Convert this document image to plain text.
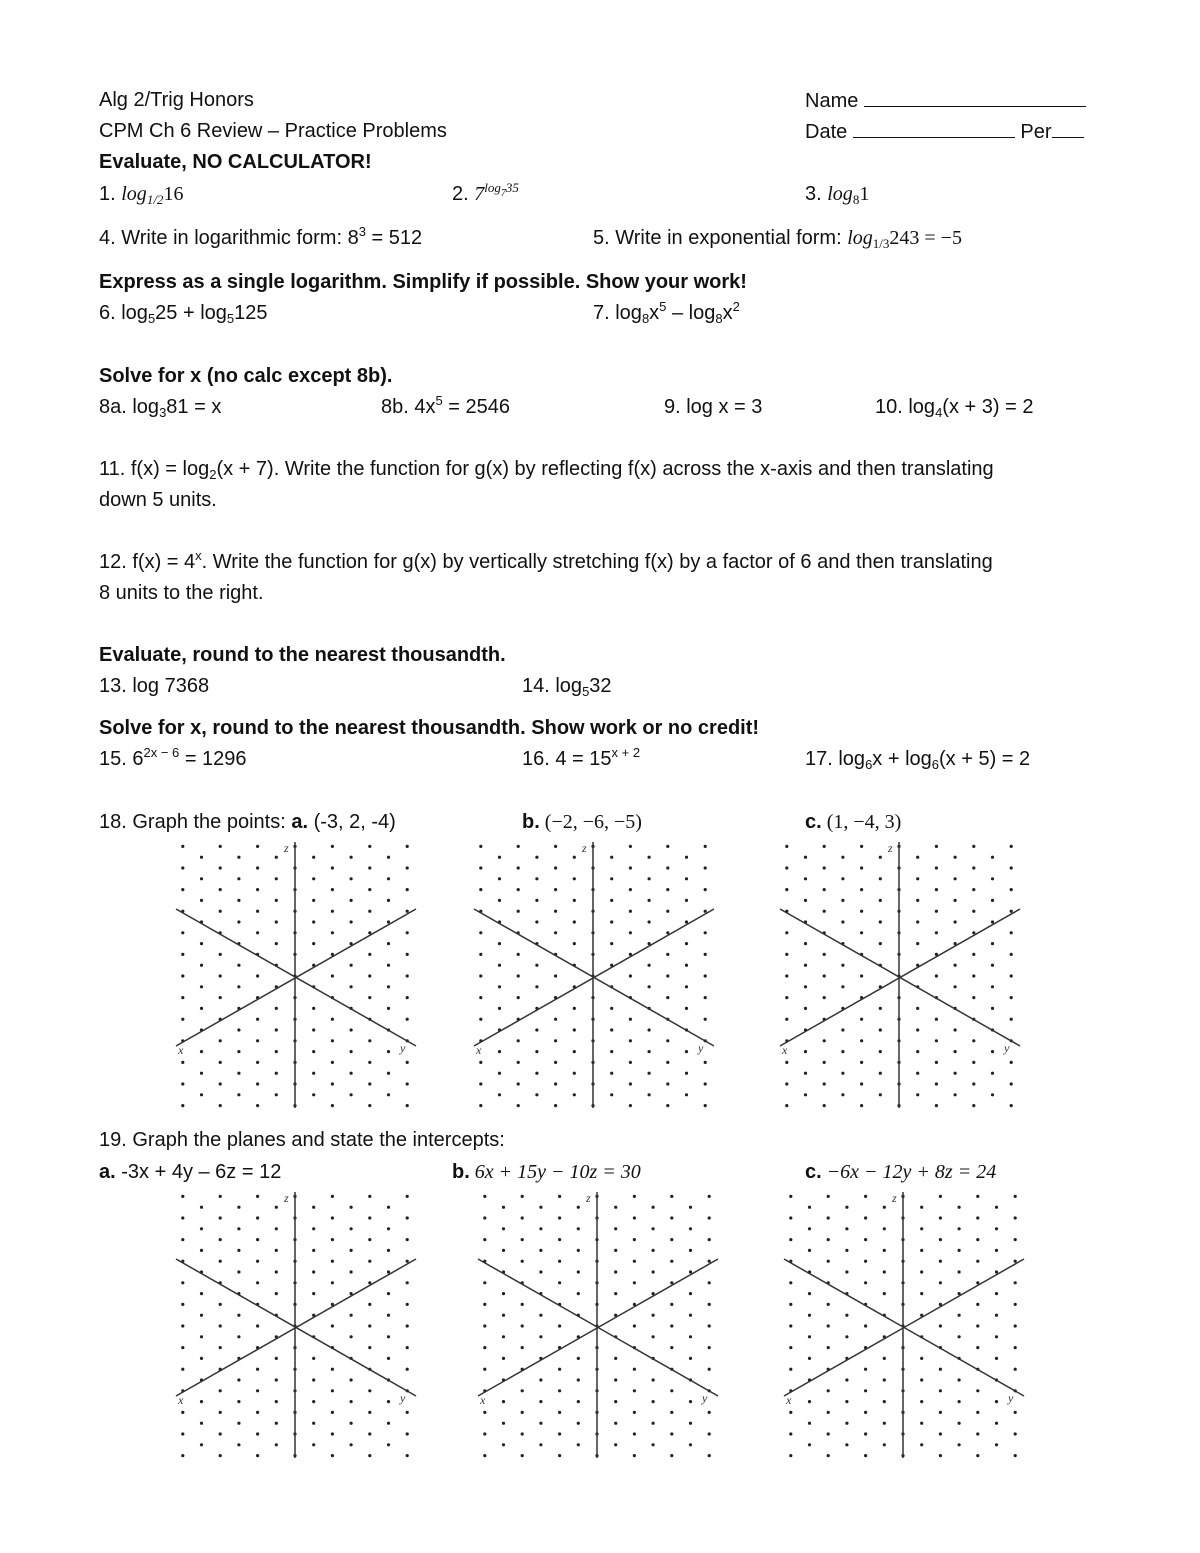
Alg 2/Trig Honors
CPM Ch 6 Review – Practice Problems
Name
Date	Per
Evaluate, NO CALCULATOR!
1. $\log_{1/2}16$	2. $7^{log_735}$	3. $\log_81$
4. Write in logarithmic form: $8^3 = 512$	5. Write in exponential form: $\log_{1/3}243 = -5$
Express as a single logarithm. Simplify if possible. Show your work!
6. $\log_525 + \log_5125$	7. $\log_8x^5 - \log_8x^2$
Solve for x (no calc except 8b).
8a. $\log_381 = x$	8b. $4x^5 = 2546$	9. log x = 3	10. $\log_4(x + 3) = 2$
11. $f(x) = \log_2(x + 7)$. Write the function for g(x) by reflecting f(x) across the x-axis and then translating
down 5 units.
12. $f(x) = 4^x$. Write the function for g(x) by vertically stretching f(x) by a factor of 6 and then translating
8 units to the right.
Evaluate, round to the nearest thousandth.
13. log 7368	14. $\log_532$
Solve for x, round to the nearest thousandth. Show work or no credit!
15. $6^{2x - 6} = 1296$	16. $4 = 15^{x + 2}$	17. $\log_6x + \log_6(x + 5) = 2$
18. Graph the points: a. (-3, 2, -4)	b. (−2, −6, −5)	c. (1, −4, 3)
z
x	y
z
x	y
z
x	y
19. Graph the planes and state the intercepts:
a. -3x + 4y – 6z = 12	b. 6x + 15y − 10z = 30	c. −6x − 12y + 8z = 24
z
x	y
z
x	y
z
x	y
